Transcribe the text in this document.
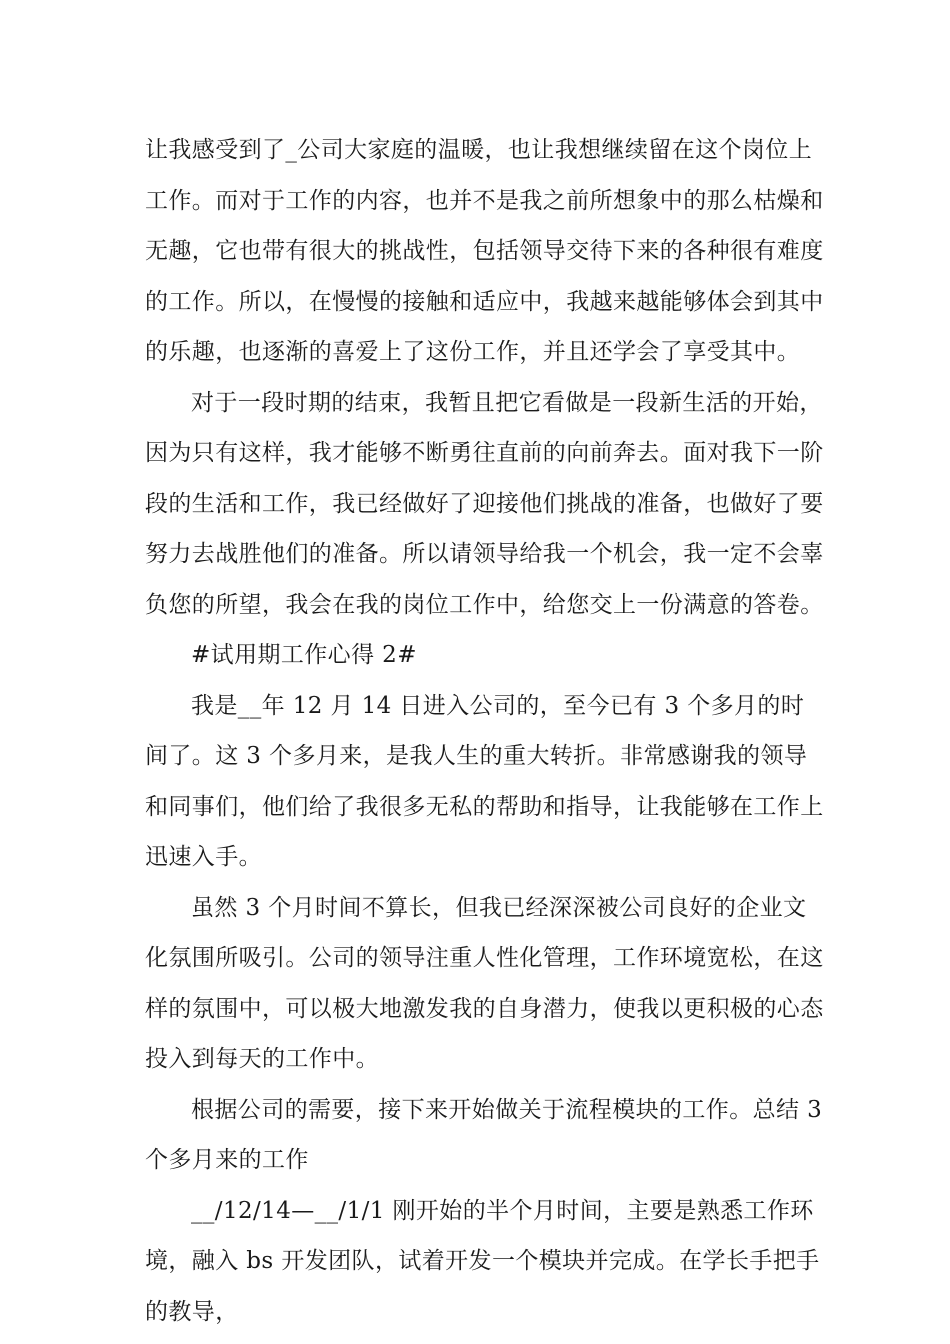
让我感受到了_公司大家庭的温暖，也让我想继续留在这个岗位上工作。而对于工作的内容，也并不是我之前所想象中的那么枯燥和无趣，它也带有很大的挑战性，包括领导交待下来的各种很有难度的工作。所以，在慢慢的接触和适应中，我越来越能够体会到其中的乐趣，也逐渐的喜爱上了这份工作，并且还学会了享受其中。

对于一段时期的结束，我暂且把它看做是一段新生活的开始，因为只有这样，我才能够不断勇往直前的向前奔去。面对我下一阶段的生活和工作，我已经做好了迎接他们挑战的准备，也做好了要努力去战胜他们的准备。所以请领导给我一个机会，我一定不会辜负您的所望，我会在我的岗位工作中，给您交上一份满意的答卷。

#试用期工作心得 2#

我是__年 12 月 14 日进入公司的，至今已有 3 个多月的时间了。这 3 个多月来，是我人生的重大转折。非常感谢我的领导和同事们，他们给了我很多无私的帮助和指导，让我能够在工作上迅速入手。

虽然 3 个月时间不算长，但我已经深深被公司良好的企业文化氛围所吸引。公司的领导注重人性化管理，工作环境宽松，在这样的氛围中，可以极大地激发我的自身潜力，使我以更积极的心态投入到每天的工作中。

根据公司的需要，接下来开始做关于流程模块的工作。总结 3 个多月来的工作

__/12/14—__/1/1 刚开始的半个月时间，主要是熟悉工作环境，融入 bs 开发团队，试着开发一个模块并完成。在学长手把手的教导，
